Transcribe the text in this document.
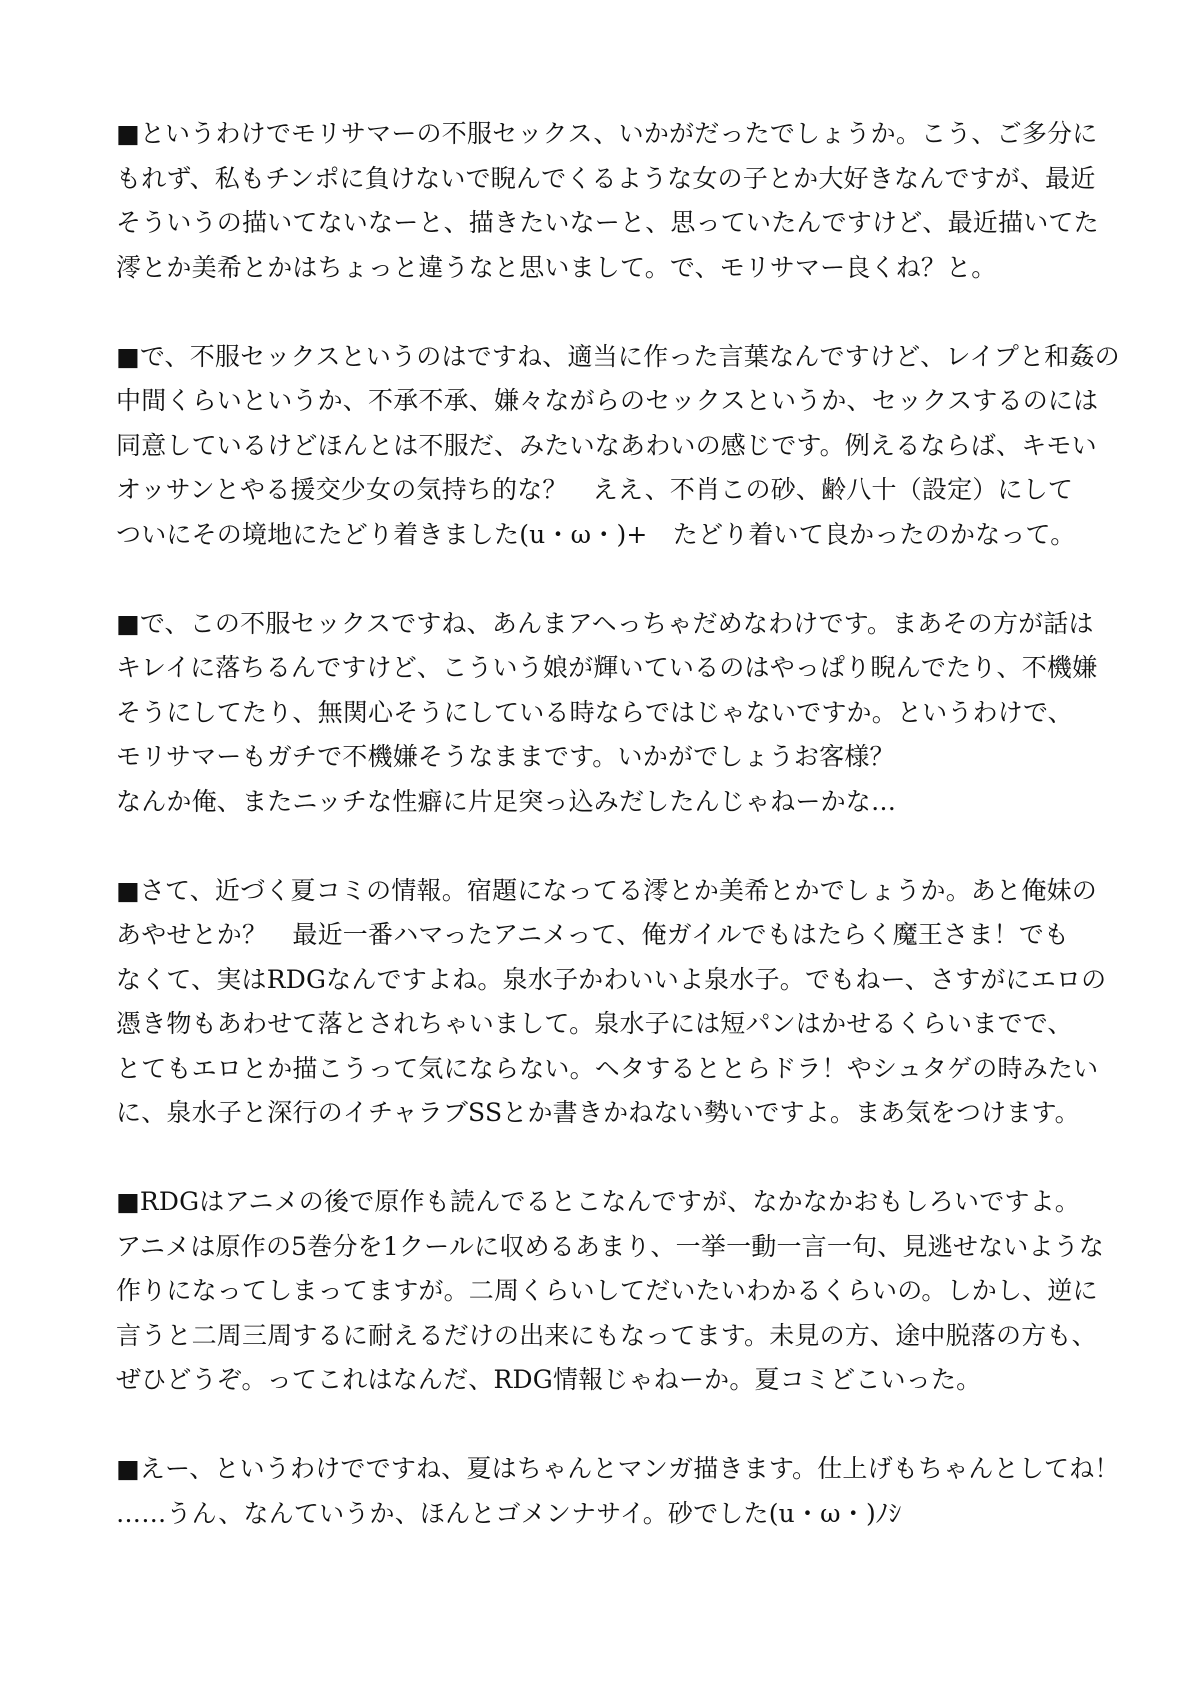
■というわけでモリサマーの不服セックス、いかがだったでしょうか。こう、ご多分に
もれず、私もチンポに負けないで睨んでくるような女の子とか大好きなんですが、最近
そういうの描いてないなーと、描きたいなーと、思っていたんですけど、最近描いてた
澪とか美希とかはちょっと違うなと思いまして。で、モリサマー良くね？と。

■で、不服セックスというのはですね、適当に作った言葉なんですけど、レイプと和姦の
中間くらいというか、不承不承、嫌々ながらのセックスというか、セックスするのには
同意しているけどほんとは不服だ、みたいなあわいの感じです。例えるならば、キモい
オッサンとやる援交少女の気持ち的な？　ええ、不肖この砂、齢八十（設定）にして
ついにその境地にたどり着きました(u・ω・)+　たどり着いて良かったのかなって。

■で、この不服セックスですね、あんまアヘっちゃだめなわけです。まあその方が話は
キレイに落ちるんですけど、こういう娘が輝いているのはやっぱり睨んでたり、不機嫌
そうにしてたり、無関心そうにしている時ならではじゃないですか。というわけで、
モリサマーもガチで不機嫌そうなままです。いかがでしょうお客様？
なんか俺、またニッチな性癖に片足突っ込みだしたんじゃねーかな…

■さて、近づく夏コミの情報。宿題になってる澪とか美希とかでしょうか。あと俺妹の
あやせとか？　最近一番ハマったアニメって、俺ガイルでもはたらく魔王さま！でも
なくて、実はRDGなんですよね。泉水子かわいいよ泉水子。でもねー、さすがにエロの
憑き物もあわせて落とされちゃいまして。泉水子には短パンはかせるくらいまでで、
とてもエロとか描こうって気にならない。ヘタするととらドラ！やシュタゲの時みたい
に、泉水子と深行のイチャラブSSとか書きかねない勢いですよ。まあ気をつけます。

■RDGはアニメの後で原作も読んでるとこなんですが、なかなかおもしろいですよ。
アニメは原作の5巻分を1クールに収めるあまり、一挙一動一言一句、見逃せないような
作りになってしまってますが。二周くらいしてだいたいわかるくらいの。しかし、逆に
言うと二周三周するに耐えるだけの出来にもなってます。未見の方、途中脱落の方も、
ぜひどうぞ。ってこれはなんだ、RDG情報じゃねーか。夏コミどこいった。

■えー、というわけでですね、夏はちゃんとマンガ描きます。仕上げもちゃんとしてね！
……うん、なんていうか、ほんとゴメンナサイ。砂でした(u・ω・)ﾉｼ
